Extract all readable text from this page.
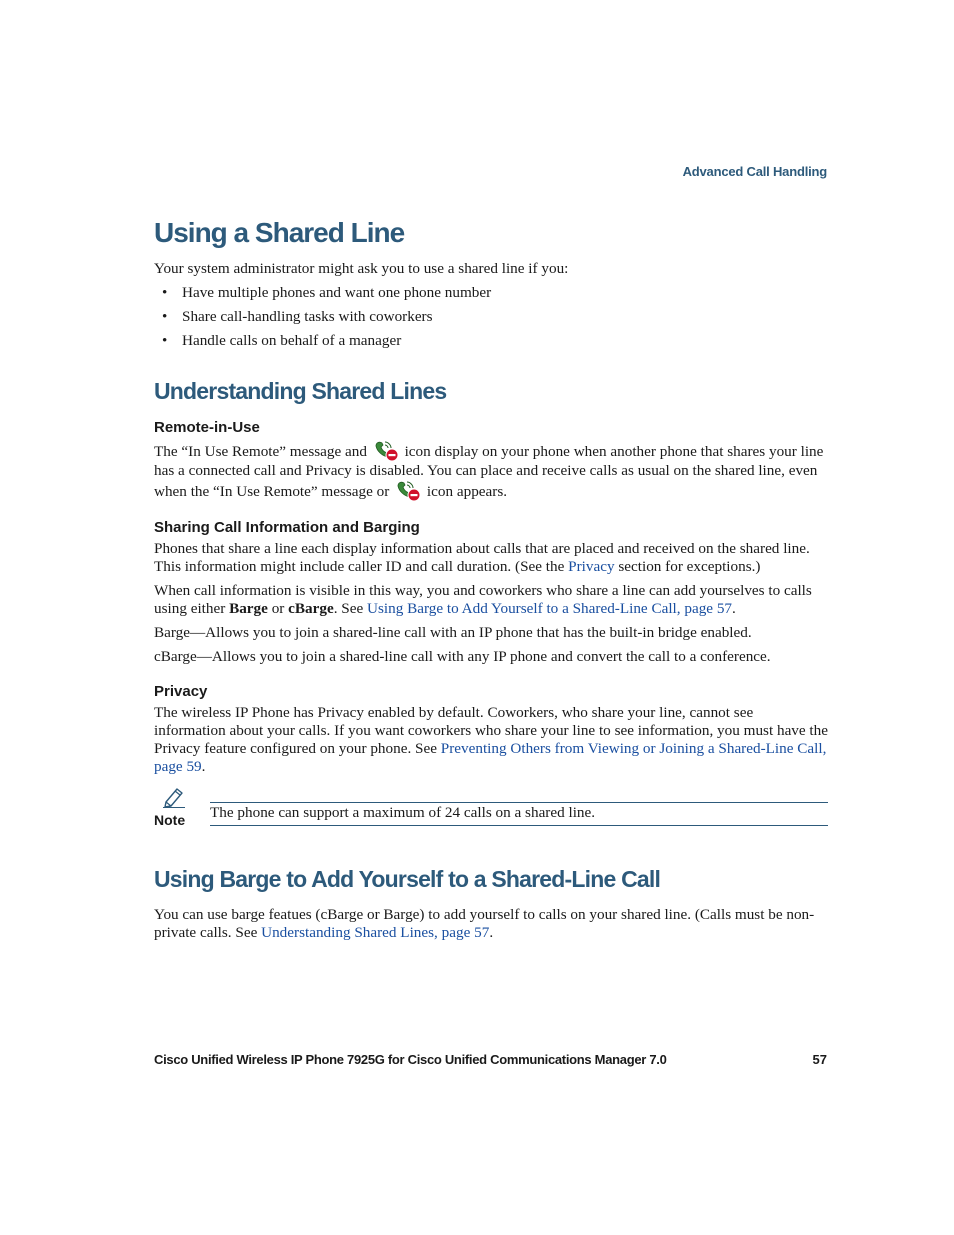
Advanced Call Handling
Using a Shared Line

Your system administrator might ask you to use a shared line if you:

• Have multiple phones and want one phone number
• Share call-handling tasks with coworkers
• Handle calls on behalf of a manager
Understanding Shared Lines
Remote-in-Use

The “In Use Remote” message and icon display on your phone when another phone that shares your line has a connected call and Privacy is disabled. You can place and receive calls as usual on the shared line, even when the “In Use Remote” message or icon appears.

Sharing Call Information and Barging

Phones that share a line each display information about calls that are placed and received on the shared line. This information might include caller ID and call duration. (See the Privacy section for exceptions.)

When call information is visible in this way, you and coworkers who share a line can add yourselves to calls using either Barge or cBarge. See Using Barge to Add Yourself to a Shared-Line Call, page 57.

Barge—Allows you to join a shared-line call with an IP phone that has the built-in bridge enabled.

cBarge—Allows you to join a shared-line call with any IP phone and convert the call to a conference.

Privacy

The wireless IP Phone has Privacy enabled by default. Coworkers, who share your line, cannot see information about your calls. If you want coworkers who share your line to see information, you must have the Privacy feature configured on your phone. See Preventing Others from Viewing or Joining a Shared-Line Call, page 59.

Note The phone can support a maximum of 24 calls on a shared line.

Using Barge to Add Yourself to a Shared-Line Call

You can use barge featues (cBarge or Barge) to add yourself to calls on your shared line. (Calls must be non-private calls. See Understanding Shared Lines, page 57.

Cisco Unified Wireless IP Phone 7925G for Cisco Unified Communications Manager 7.0	57
